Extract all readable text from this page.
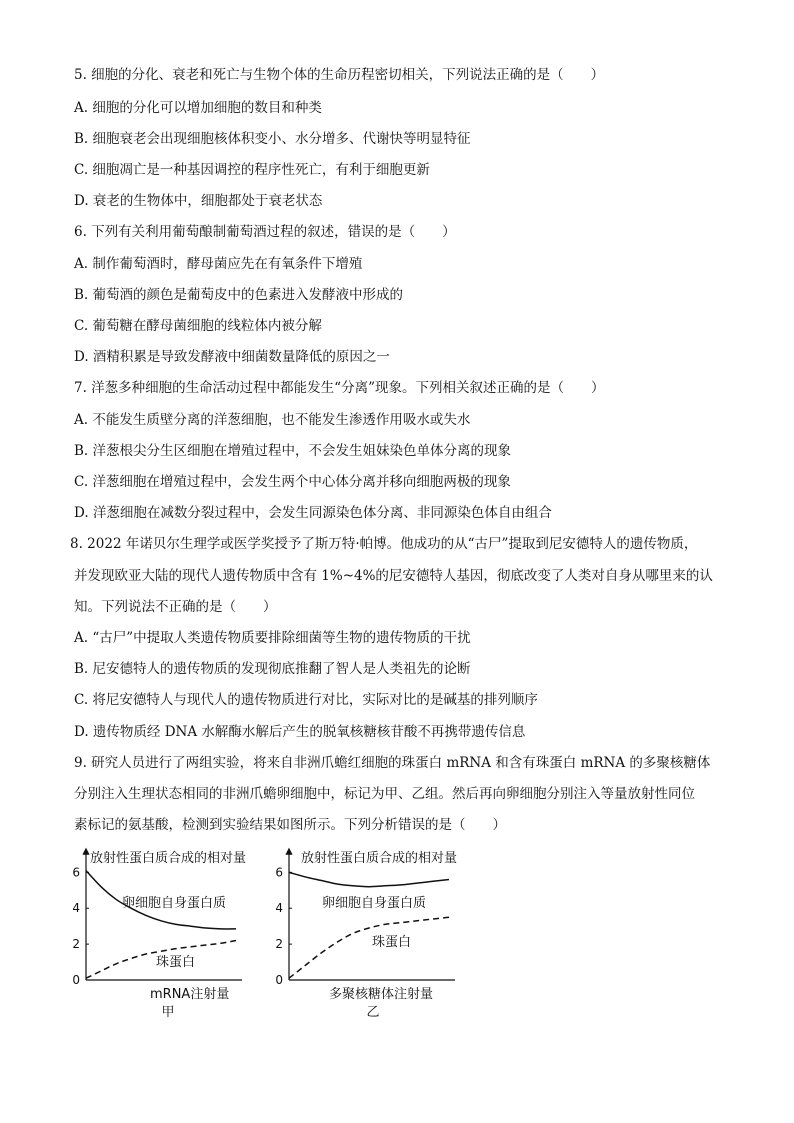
5. 细胞的分化、衰老和死亡与生物个体的生命历程密切相关，下列说法正确的是（　　）
A. 细胞的分化可以增加细胞的数目和种类
B. 细胞衰老会出现细胞核体积变小、水分增多、代谢快等明显特征
C. 细胞凋亡是一种基因调控的程序性死亡，有利于细胞更新
D. 衰老的生物体中，细胞都处于衰老状态
6. 下列有关利用葡萄酿制葡萄酒过程的叙述，错误的是（　　）
A. 制作葡萄酒时，酵母菌应先在有氧条件下增殖
B. 葡萄酒的颜色是葡萄皮中的色素进入发酵液中形成的
C. 葡萄糖在酵母菌细胞的线粒体内被分解
D. 酒精积累是导致发酵液中细菌数量降低的原因之一
7. 洋葱多种细胞的生命活动过程中都能发生“分离”现象。下列相关叙述正确的是（　　）
A. 不能发生质壁分离的洋葱细胞，也不能发生渗透作用吸水或失水
B. 洋葱根尖分生区细胞在增殖过程中，不会发生姐妹染色单体分离的现象
C. 洋葱细胞在增殖过程中，会发生两个中心体分离并移向细胞两极的现象
D. 洋葱细胞在减数分裂过程中，会发生同源染色体分离、非同源染色体自由组合
8. 2022 年诺贝尔生理学或医学奖授予了斯万特·帕博。他成功的从“古尸”提取到尼安德特人的遗传物质，
并发现欧亚大陆的现代人遗传物质中含有 1%~4%的尼安德特人基因，彻底改变了人类对自身从哪里来的认
知。下列说法不正确的是（　　）
A. “古尸”中提取人类遗传物质要排除细菌等生物的遗传物质的干扰
B. 尼安德特人的遗传物质的发现彻底推翻了智人是人类祖先的论断
C. 将尼安德特人与现代人的遗传物质进行对比，实际对比的是碱基的排列顺序
D. 遗传物质经 DNA 水解酶水解后产生的脱氧核糖核苷酸不再携带遗传信息
9. 研究人员进行了两组实验，将来自非洲爪蟾红细胞的珠蛋白 mRNA 和含有珠蛋白 mRNA 的多聚核糖体
分别注入生理状态相同的非洲爪蟾卵细胞中，标记为甲、乙组。然后再向卵细胞分别注入等量放射性同位
素标记的氨基酸，检测到实验结果如图所示。下列分析错误的是（　　）
6
4
2
0
放射性蛋白质合成的相对量
mRNA注射量
甲
卵细胞自身蛋白质
珠蛋白
6
4
2
0
放射性蛋白质合成的相对量
多聚核糖体注射量
乙
卵细胞自身蛋白质
珠蛋白
